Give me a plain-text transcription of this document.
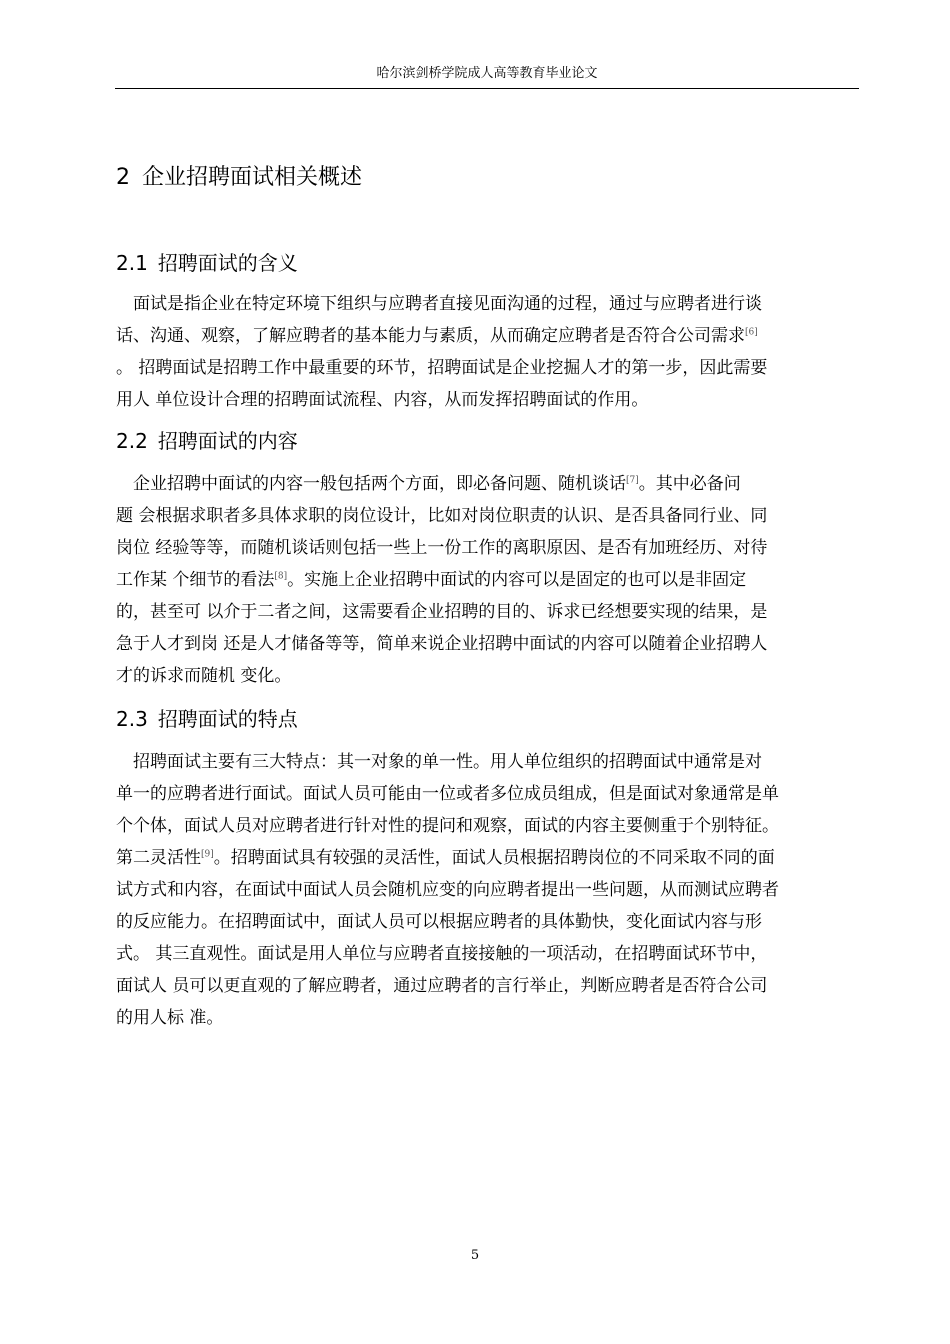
哈尔滨剑桥学院成人高等教育毕业论文
2 企业招聘面试相关概述
2.1 招聘面试的含义
　面试是指企业在特定环境下组织与应聘者直接见面沟通的过程，通过与应聘者进行谈
话、沟通、观察，了解应聘者的基本能力与素质，从而确定应聘者是否符合公司需求[6]
。 招聘面试是招聘工作中最重要的环节，招聘面试是企业挖掘人才的第一步，因此需要
用人 单位设计合理的招聘面试流程、内容，从而发挥招聘面试的作用。
2.2 招聘面试的内容
　企业招聘中面试的内容一般包括两个方面，即必备问题、随机谈话[7]。其中必备问
题 会根据求职者多具体求职的岗位设计，比如对岗位职责的认识、是否具备同行业、同
岗位 经验等等，而随机谈话则包括一些上一份工作的离职原因、是否有加班经历、对待
工作某 个细节的看法[8]。实施上企业招聘中面试的内容可以是固定的也可以是非固定
的，甚至可 以介于二者之间，这需要看企业招聘的目的、诉求已经想要实现的结果，是
急于人才到岗 还是人才储备等等，简单来说企业招聘中面试的内容可以随着企业招聘人
才的诉求而随机 变化。
2.3 招聘面试的特点
　招聘面试主要有三大特点：其一对象的单一性。用人单位组织的招聘面试中通常是对
单一的应聘者进行面试。面试人员可能由一位或者多位成员组成，但是面试对象通常是单
个个体，面试人员对应聘者进行针对性的提问和观察，面试的内容主要侧重于个别特征。
第二灵活性[9]。招聘面试具有较强的灵活性，面试人员根据招聘岗位的不同采取不同的面
试方式和内容，在面试中面试人员会随机应变的向应聘者提出一些问题，从而测试应聘者
的反应能力。在招聘面试中，面试人员可以根据应聘者的具体勤快，变化面试内容与形
式。 其三直观性。面试是用人单位与应聘者直接接触的一项活动，在招聘面试环节中，
面试人 员可以更直观的了解应聘者，通过应聘者的言行举止，判断应聘者是否符合公司
的用人标 准。
5
